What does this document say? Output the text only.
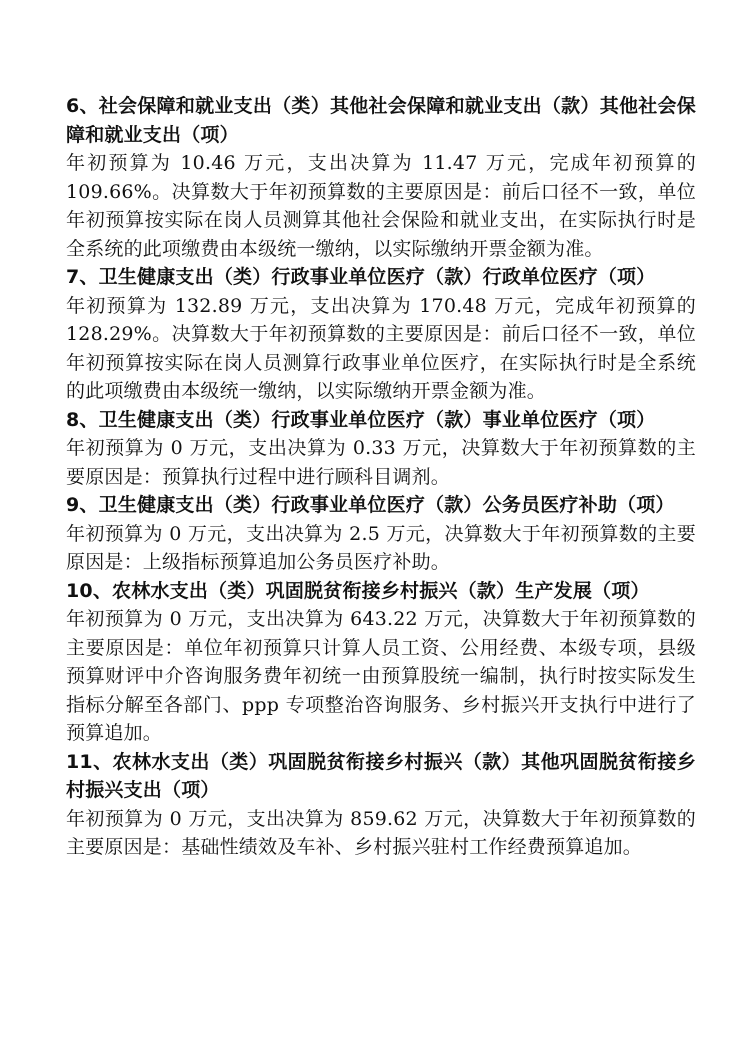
6、社会保障和就业支出（类）其他社会保障和就业支出（款）其他社会保障和就业支出（项）

年初预算为 10.46 万元，支出决算为 11.47 万元，完成年初预算的109.66%。决算数大于年初预算数的主要原因是：前后口径不一致，单位年初预算按实际在岗人员测算其他社会保险和就业支出，在实际执行时是全系统的此项缴费由本级统一缴纳，以实际缴纳开票金额为准。

7、卫生健康支出（类）行政事业单位医疗（款）行政单位医疗（项）

年初预算为 132.89 万元，支出决算为 170.48 万元，完成年初预算的128.29%。决算数大于年初预算数的主要原因是：前后口径不一致，单位年初预算按实际在岗人员测算行政事业单位医疗，在实际执行时是全系统的此项缴费由本级统一缴纳，以实际缴纳开票金额为准。

8、卫生健康支出（类）行政事业单位医疗（款）事业单位医疗（项）

年初预算为 0 万元，支出决算为 0.33 万元，决算数大于年初预算数的主要原因是：预算执行过程中进行顾科目调剂。

9、卫生健康支出（类）行政事业单位医疗（款）公务员医疗补助（项）

年初预算为 0 万元，支出决算为 2.5 万元，决算数大于年初预算数的主要原因是：上级指标预算追加公务员医疗补助。

10、农林水支出（类）巩固脱贫衔接乡村振兴（款）生产发展（项）

年初预算为 0 万元，支出决算为 643.22 万元，决算数大于年初预算数的主要原因是：单位年初预算只计算人员工资、公用经费、本级专项，县级预算财评中介咨询服务费年初统一由预算股统一编制，执行时按实际发生指标分解至各部门、ppp 专项整治咨询服务、乡村振兴开支执行中进行了预算追加。

11、农林水支出（类）巩固脱贫衔接乡村振兴（款）其他巩固脱贫衔接乡村振兴支出（项）

年初预算为 0 万元，支出决算为 859.62 万元，决算数大于年初预算数的主要原因是：基础性绩效及车补、乡村振兴驻村工作经费预算追加。
